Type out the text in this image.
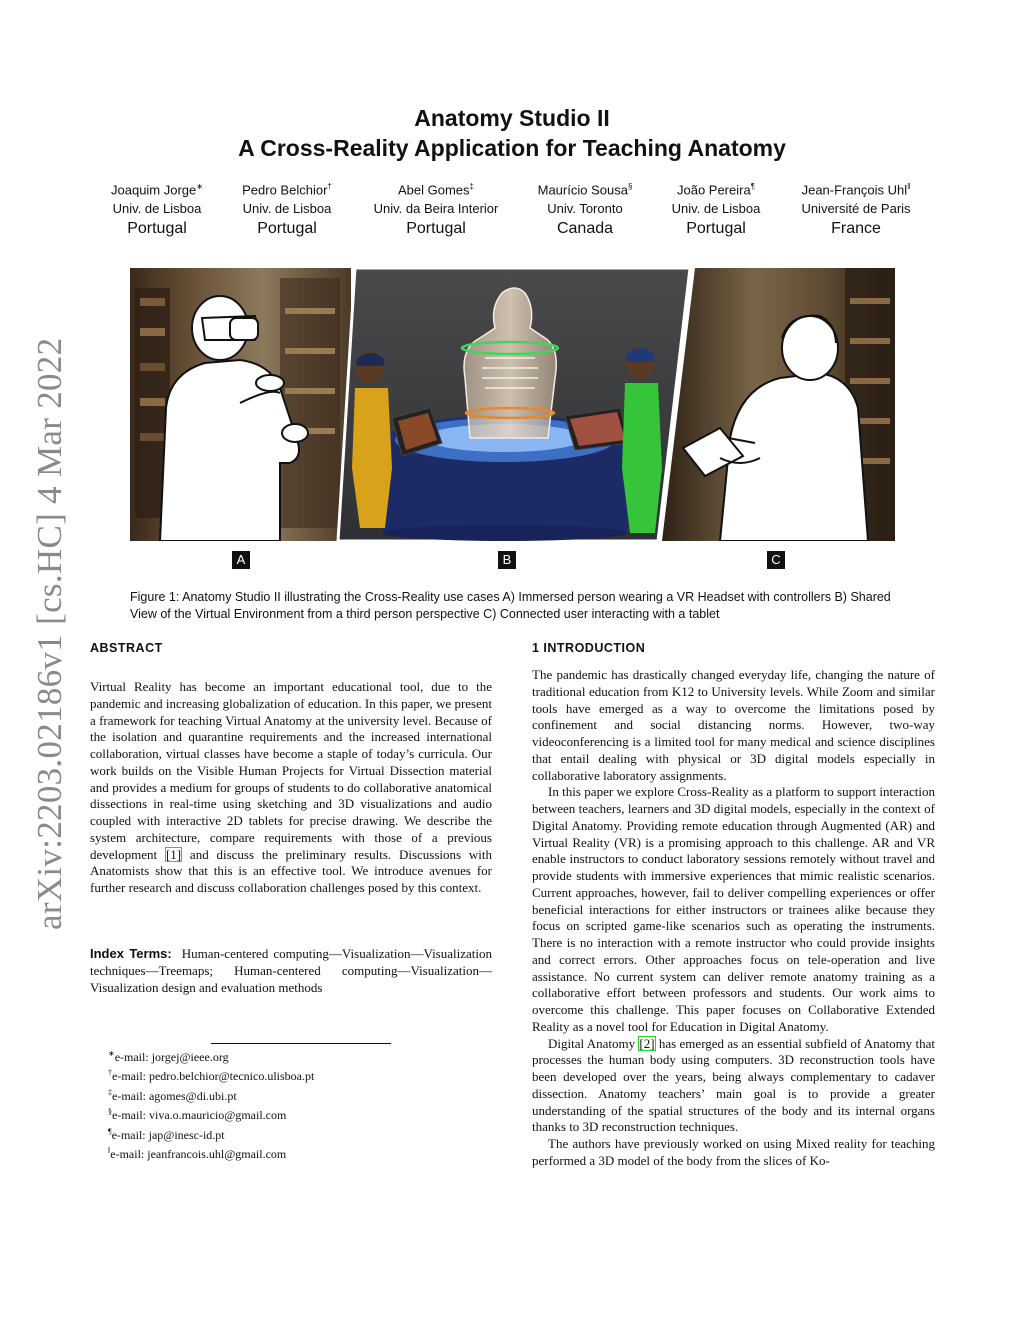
arXiv:2203.02186v1 [cs.HC] 4 Mar 2022
Anatomy Studio II
A Cross-Reality Application for Teaching Anatomy
Joaquim Jorge∗
Univ. de Lisboa
Portugal
Pedro Belchior†
Univ. de Lisboa
Portugal
Abel Gomes‡
Univ. da Beira Interior
Portugal
Maurício Sousa§
Univ. Toronto
Canada
João Pereira¶
Univ. de Lisboa
Portugal
Jean-François Uhl‖
Université de Paris
France
A	B	C
Figure 1: Anatomy Studio II illustrating the Cross-Reality use cases A) Immersed person wearing a VR Headset with controllers B) Shared View of the Virtual Environment from a third person perspective C) Connected user interacting with a tablet
ABSTRACT

Virtual Reality has become an important educational tool, due to the pandemic and increasing globalization of education. In this paper, we present a framework for teaching Virtual Anatomy at the university level. Because of the isolation and quarantine requirements and the increased international collaboration, virtual classes have become a staple of today’s curricula. Our work builds on the Visible Human Projects for Virtual Dissection material and provides a medium for groups of students to do collaborative anatomical dissections in real-time using sketching and 3D visualizations and audio coupled with interactive 2D tablets for precise drawing. We describe the system architecture, compare requirements with those of a previous development [1] and discuss the preliminary results. Discussions with Anatomists show that this is an effective tool. We introduce avenues for further research and discuss collaboration challenges posed by this context.

Index Terms: Human-centered computing—Visualization—Visualization techniques—Treemaps; Human-centered computing—Visualization—Visualization design and evaluation methods
∗e-mail: jorgej@ieee.org
†e-mail: pedro.belchior@tecnico.ulisboa.pt
‡e-mail: agomes@di.ubi.pt
§e-mail: viva.o.mauricio@gmail.com
¶e-mail: jap@inesc-id.pt
‖e-mail: jeanfrancois.uhl@gmail.com
1 INTRODUCTION

The pandemic has drastically changed everyday life, changing the nature of traditional education from K12 to University levels. While Zoom and similar tools have emerged as a way to overcome the limitations posed by confinement and social distancing norms. However, two-way videoconferencing is a limited tool for many medical and science disciplines that entail dealing with physical or 3D digital models especially in collaborative laboratory assignments.

In this paper we explore Cross-Reality as a platform to support interaction between teachers, learners and 3D digital models, especially in the context of Digital Anatomy. Providing remote education through Augmented (AR) and Virtual Reality (VR) is a promising approach to this challenge. AR and VR enable instructors to conduct laboratory sessions remotely without travel and provide students with immersive experiences that mimic realistic scenarios. Current approaches, however, fail to deliver compelling experiences or offer beneficial interactions for either instructors or trainees alike because they focus on scripted game-like scenarios such as operating the instruments. There is no interaction with a remote instructor who could provide insights and correct errors. Other approaches focus on tele-operation and live assistance. No current system can deliver remote anatomy training as a collaborative effort between professors and students. Our work aims to overcome this challenge. This paper focuses on Collaborative Extended Reality as a novel tool for Education in Digital Anatomy.

Digital Anatomy [2] has emerged as an essential subfield of Anatomy that processes the human body using computers. 3D reconstruction tools have been developed over the years, being always complementary to cadaver dissection. Anatomy teachers’ main goal is to provide a greater understanding of the spatial structures of the body and its internal organs thanks to 3D reconstruction techniques.

The authors have previously worked on using Mixed reality for teaching performed a 3D model of the body from the slices of Ko-
